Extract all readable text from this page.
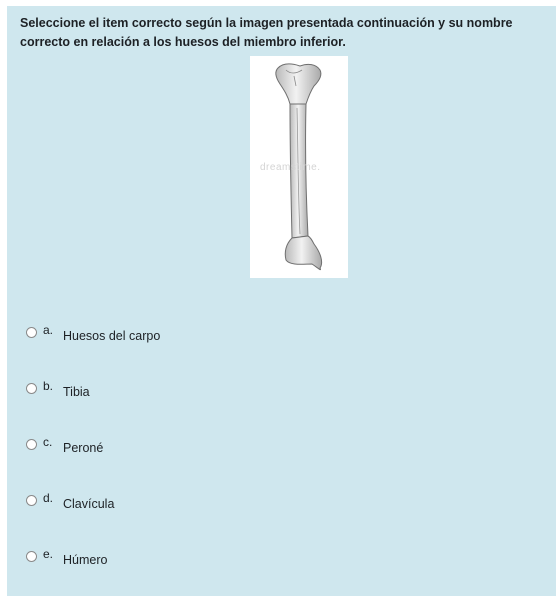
Seleccione el item correcto según la imagen presentada continuación y su nombre correcto en relación a los huesos del miembro inferior.
dreamstime.
a. Huesos del carpo
b. Tibia
c. Peroné
d. Clavícula
e. Húmero
